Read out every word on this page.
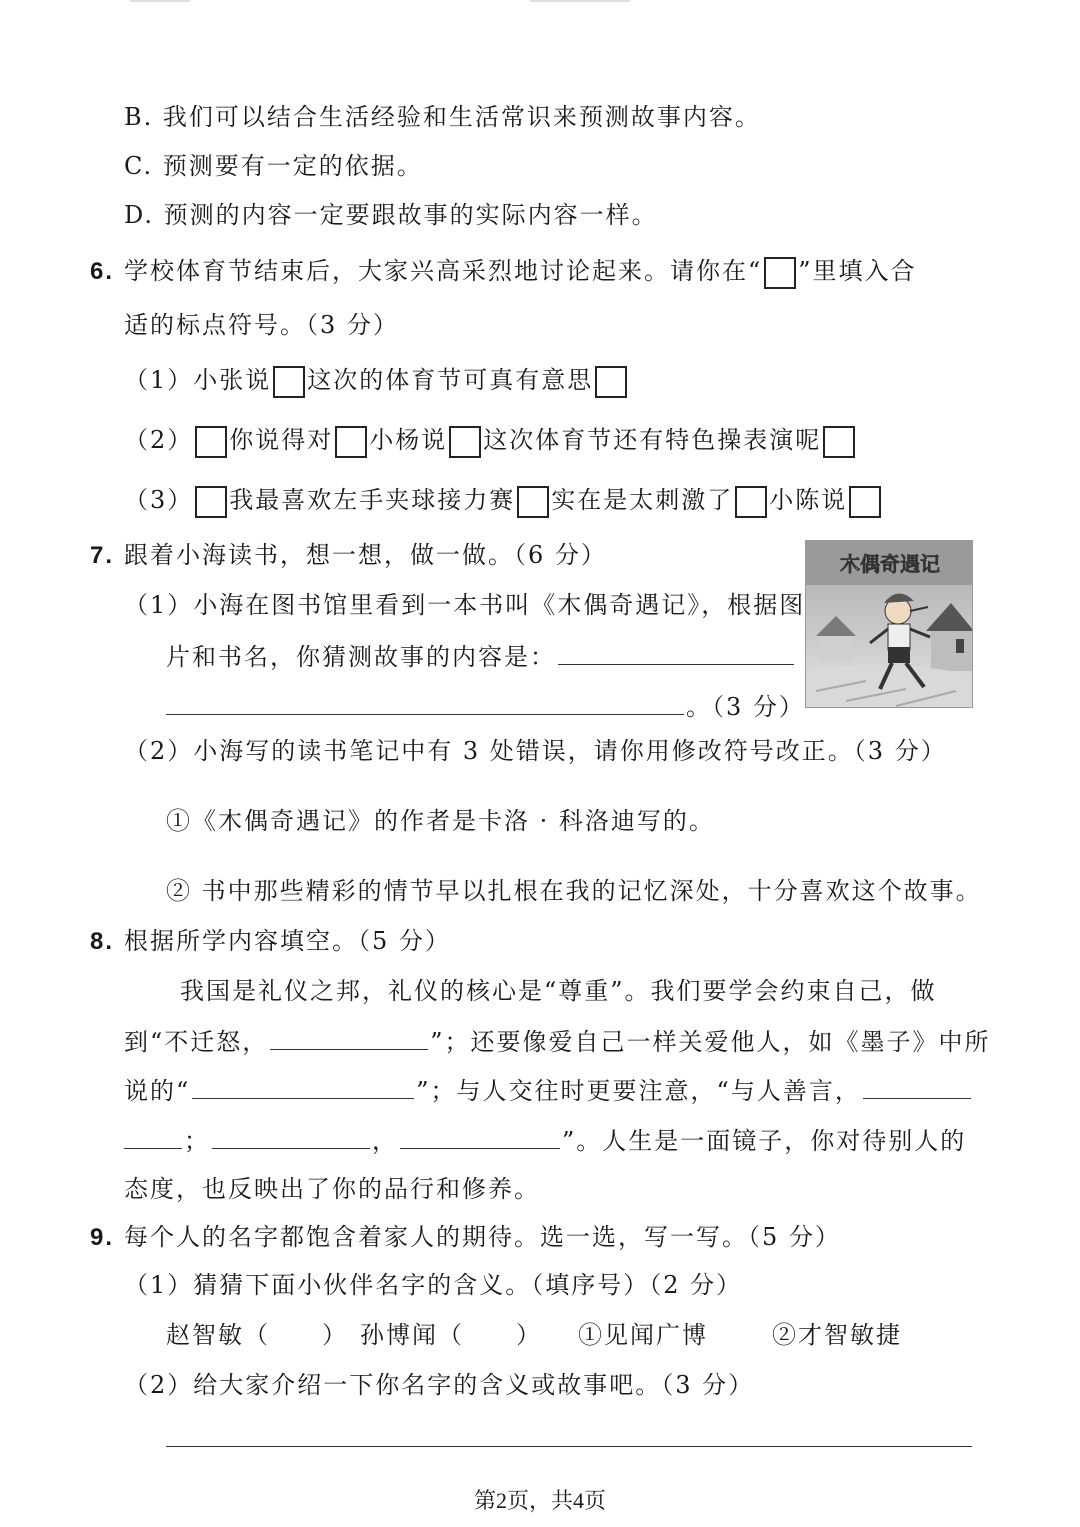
B. 我们可以结合生活经验和生活常识来预测故事内容。
C. 预测要有一定的依据。
D. 预测的内容一定要跟故事的实际内容一样。
6. 学校体育节结束后，大家兴高采烈地讨论起来。请你在“ ”里填入合
适的标点符号。（3 分）
（1）小张说 这次的体育节可真有意思
（2） 你说得对 小杨说 这次体育节还有特色操表演呢
（3） 我最喜欢左手夹球接力赛 实在是太刺激了 小陈说
7. 跟着小海读书，想一想，做一做。（6 分）
（1）小海在图书馆里看到一本书叫《木偶奇遇记》，根据图
片和书名，你猜测故事的内容是：
。（3 分）
木偶奇遇记
（2）小海写的读书笔记中有 3 处错误，请你用修改符号改正。（3 分）
①《木偶奇遇记》的作者是卡洛 · 科洛迪写的。
② 书中那些精彩的情节早以扎根在我的记忆深处，十分喜欢这个故事。
8. 根据所学内容填空。（5 分）
我国是礼仪之邦，礼仪的核心是“尊重”。我们要学会约束自己，做
到“不迁怒，	”；还要像爱自己一样关爱他人，如《墨子》中所
说的“	”；与人交往时更要注意，“与人善言，
；	，	”。人生是一面镜子，你对待别人的
态度，也反映出了你的品行和修养。
9. 每个人的名字都饱含着家人的期待。选一选，写一写。（5 分）
（1）猜猜下面小伙伴名字的含义。（填序号）（2 分）
赵智敏（　　） 孙博闻（　　） ①见闻广博	②才智敏捷
（2）给大家介绍一下你名字的含义或故事吧。（3 分）
第2页，共4页
